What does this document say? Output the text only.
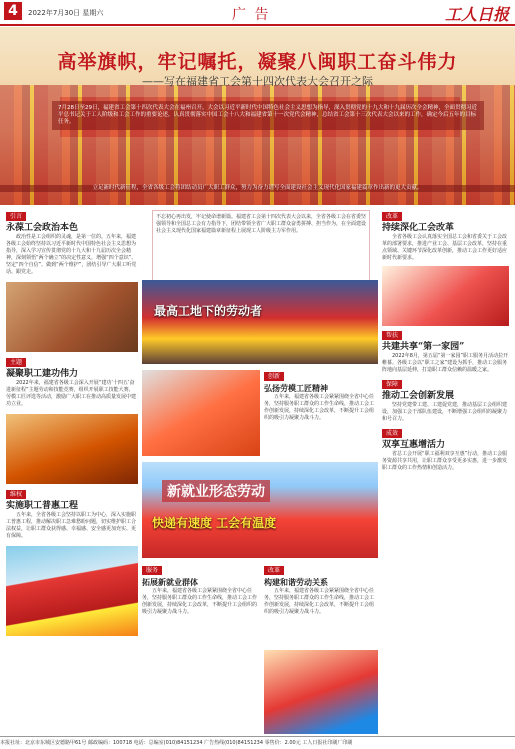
4	2022年7月30日 星期六	广 告	工人日报
高举旗帜，牢记嘱托，凝聚八闽职工奋斗伟力
——写在福建省工会第十四次代表大会召开之际
7月28日至29日，福建省工会第十四次代表大会在福州召开。大会以习近平新时代中国特色社会主义思想为指导，深入贯彻党的十九大和十九届历次全会精神，全面贯彻习近平总书记关于工人阶级和工会工作的重要论述，认真贯彻落实中国工会十八大和福建省第十一次党代会精神，总结省工会第十三次代表大会以来的工作，确定今后五年的目标任务。
立足新时代新征程，全省各级工会将团结动员广大职工群众，努力为奋力谱写全面建设社会主义现代化国家福建篇章作出新的更大贡献。
引言
永葆工会政治本色

政治性是工会组织的灵魂，是第一位的。五年来，福建各级工会始终坚持以习近平新时代中国特色社会主义思想为指导，深入学习宣传贯彻党的十九大和十九届历次全会精神，深刻领悟“两个确立”的决定性意义，增强“四个意识”、坚定“四个自信”、做到“两个维护”，团结引导广大职工听党话、跟党走。

主题
凝聚职工建功伟力

2022年来，福建省各级工会深入开展“建功‘十四五’奋进新征程”主题劳动和技能竞赛，组织开展职工技能大赛、劳模工匠评选等活动，激励广大职工在推动高质量发展中建功立业。

维权
实施职工普惠工程

五年来，全省各级工会坚持以职工为中心，深入实施职工普惠工程，推动解决职工急难愁盼问题，切实维护职工合法权益，让职工群众获得感、幸福感、安全感更加充实、更有保障。

不忘初心再出发，牢记使命谱新篇。福建省工会第十四次代表大会以来，全省各级工会在省委坚强领导和全国总工会有力指导下，团结带领全省广大职工群众奋勇拼搏、担当作为，在全面建设社会主义现代化国家福建篇章新征程上展现工人阶级主力军作用。
最高工地下的劳动者
创新
弘扬劳模工匠精神

五年来，福建省各级工会紧紧围绕全省中心任务，坚持服务职工群众的工作生命线，推动工会工作创新发展，持续深化工会改革，不断提升工会组织的吸引力凝聚力战斗力。

新就业形态劳动
快递有速度 工会有温度
服务
拓展新就业群体

五年来，福建省各级工会紧紧围绕全省中心任务，坚持服务职工群众的工作生命线，推动工会工作创新发展，持续深化工会改革，不断提升工会组织的吸引力凝聚力战斗力。

改革
构建和谐劳动关系

五年来，福建省各级工会紧紧围绕全省中心任务，坚持服务职工群众的工作生命线，推动工会工作创新发展，持续深化工会改革，不断提升工会组织的吸引力凝聚力战斗力。

改革
持续深化工会改革

全省各级工会认真落实全国总工会和省委关于工会改革的部署要求，推进产业工会、基层工会改革，坚持在重点领域、关键环节深化改革创新，推动工会工作更好适应新时代新要求。

帮扶
共建共享“第一家园”

2022年8月，第五届“第一家园”职工服务月活动拉开帷幕。各级工会以“职工之家”建设为抓手，推动工会服务阵地向基层延伸，打造职工群众信赖的温暖之家。

保障
推动工会创新发展

坚持党建带工建、工建促党建，推动基层工会组织建设，加强工会干部队伍建设，不断增强工会组织的凝聚力和号召力。

成效
双享互惠增活力

省总工会开展“职工福利双享互惠”行动，推动工会服务资源共享共用，让职工群众享受更多实惠，进一步激发职工群众的工作热情和创造活力。

本报社址：北京市东城区安德路甲61号 邮政编码：100718 电话：总编室(010)84151234 广告热线(010)84151234 零售价：2.00元 工人日报社印刷厂印刷
